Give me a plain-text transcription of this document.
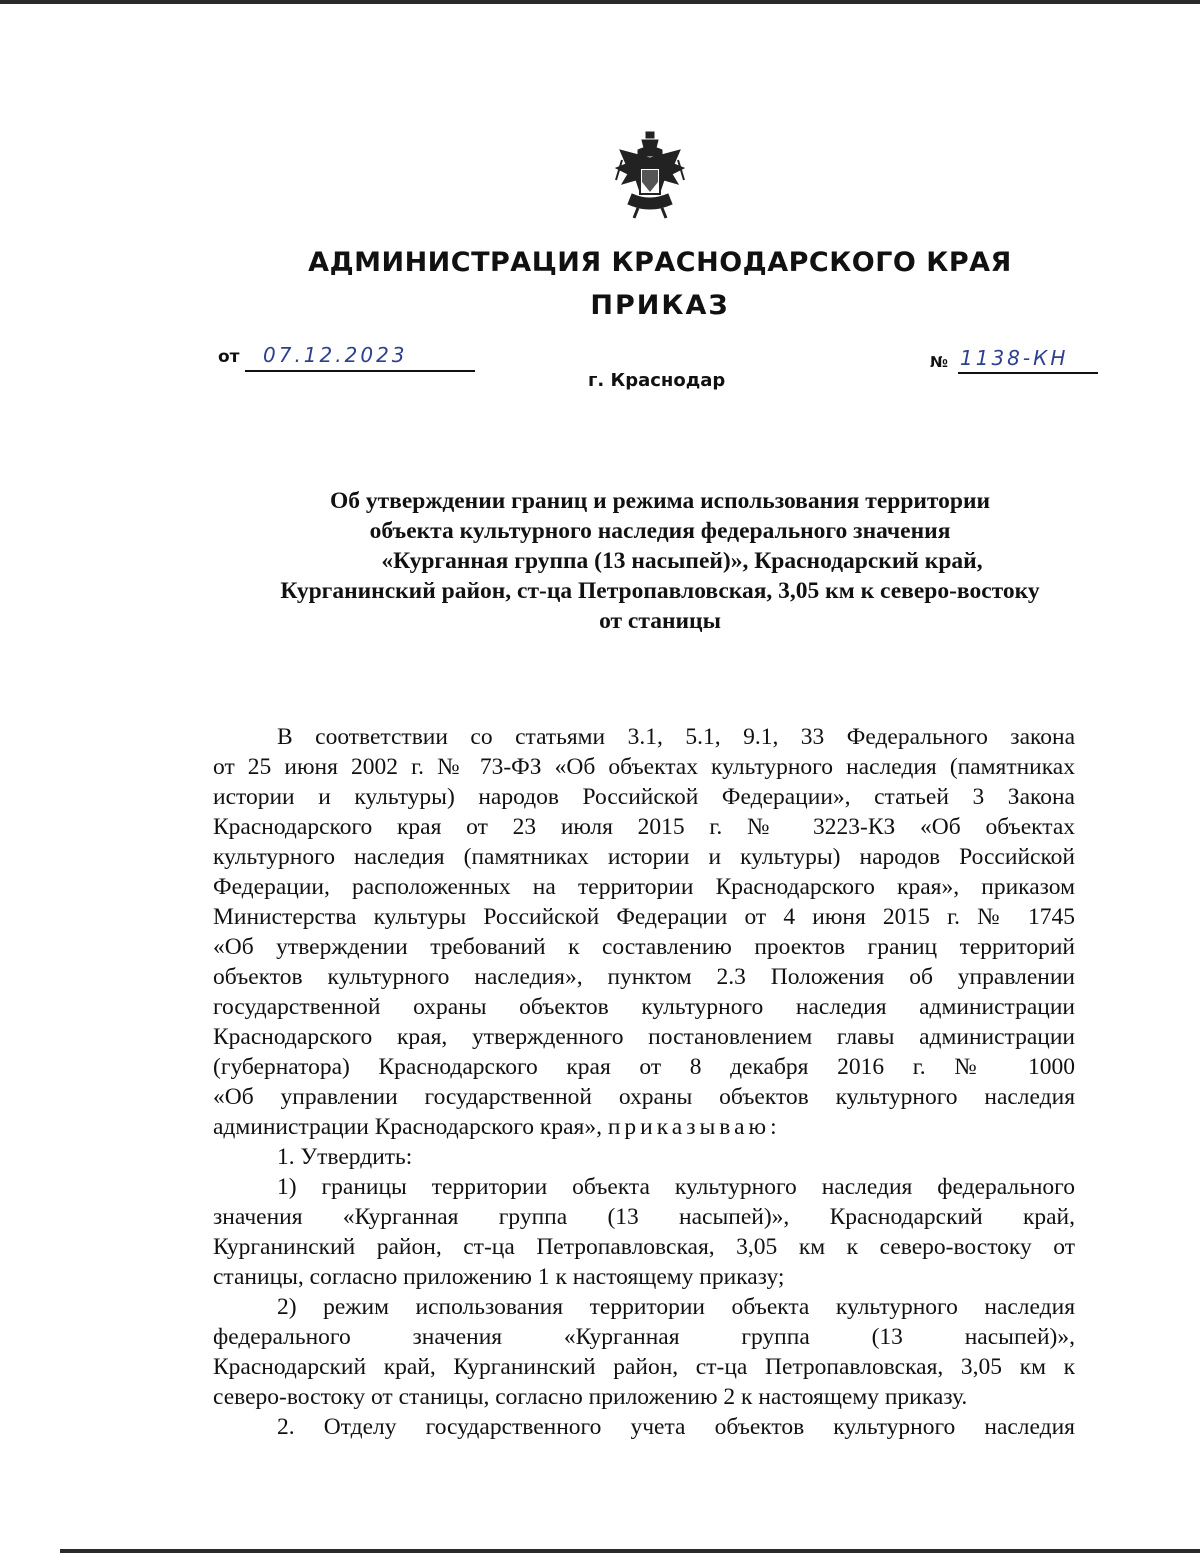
АДМИНИСТРАЦИЯ КРАСНОДАРСКОГО КРАЯ
ПРИКАЗ
от 07.12.2023
г. Краснодар
№ 1138-КН
Об утверждении границ и режима использования территории
объекта культурного наследия федерального значения
«Курганная группа (13 насыпей)», Краснодарский край,
Курганинский район, ст-ца Петропавловская, 3,05 км к северо-востоку
от станицы
В соответствии со статьями 3.1, 5.1, 9.1, 33 Федерального закона
от 25 июня 2002 г. № 73-ФЗ «Об объектах культурного наследия (памятниках
истории и культуры) народов Российской Федерации», статьей 3 Закона
Краснодарского края от 23 июля 2015 г. № 3223-КЗ «Об объектах
культурного наследия (памятниках истории и культуры) народов Российской
Федерации, расположенных на территории Краснодарского края», приказом
Министерства культуры Российской Федерации от 4 июня 2015 г. № 1745
«Об утверждении требований к составлению проектов границ территорий
объектов культурного наследия», пунктом 2.3 Положения об управлении
государственной охраны объектов культурного наследия администрации
Краснодарского края, утвержденного постановлением главы администрации
(губернатора) Краснодарского края от 8 декабря 2016 г. № 1000
«Об управлении государственной охраны объектов культурного наследия
администрации Краснодарского края», приказываю:
1. Утвердить:
1) границы территории объекта культурного наследия федерального
значения «Курганная группа (13 насыпей)», Краснодарский край,
Курганинский район, ст-ца Петропавловская, 3,05 км к северо-востоку от
станицы, согласно приложению 1 к настоящему приказу;
2) режим использования территории объекта культурного наследия
федерального значения «Курганная группа (13 насыпей)»,
Краснодарский край, Курганинский район, ст-ца Петропавловская, 3,05 км к
северо-востоку от станицы, согласно приложению 2 к настоящему приказу.
2. Отделу государственного учета объектов культурного наследия
